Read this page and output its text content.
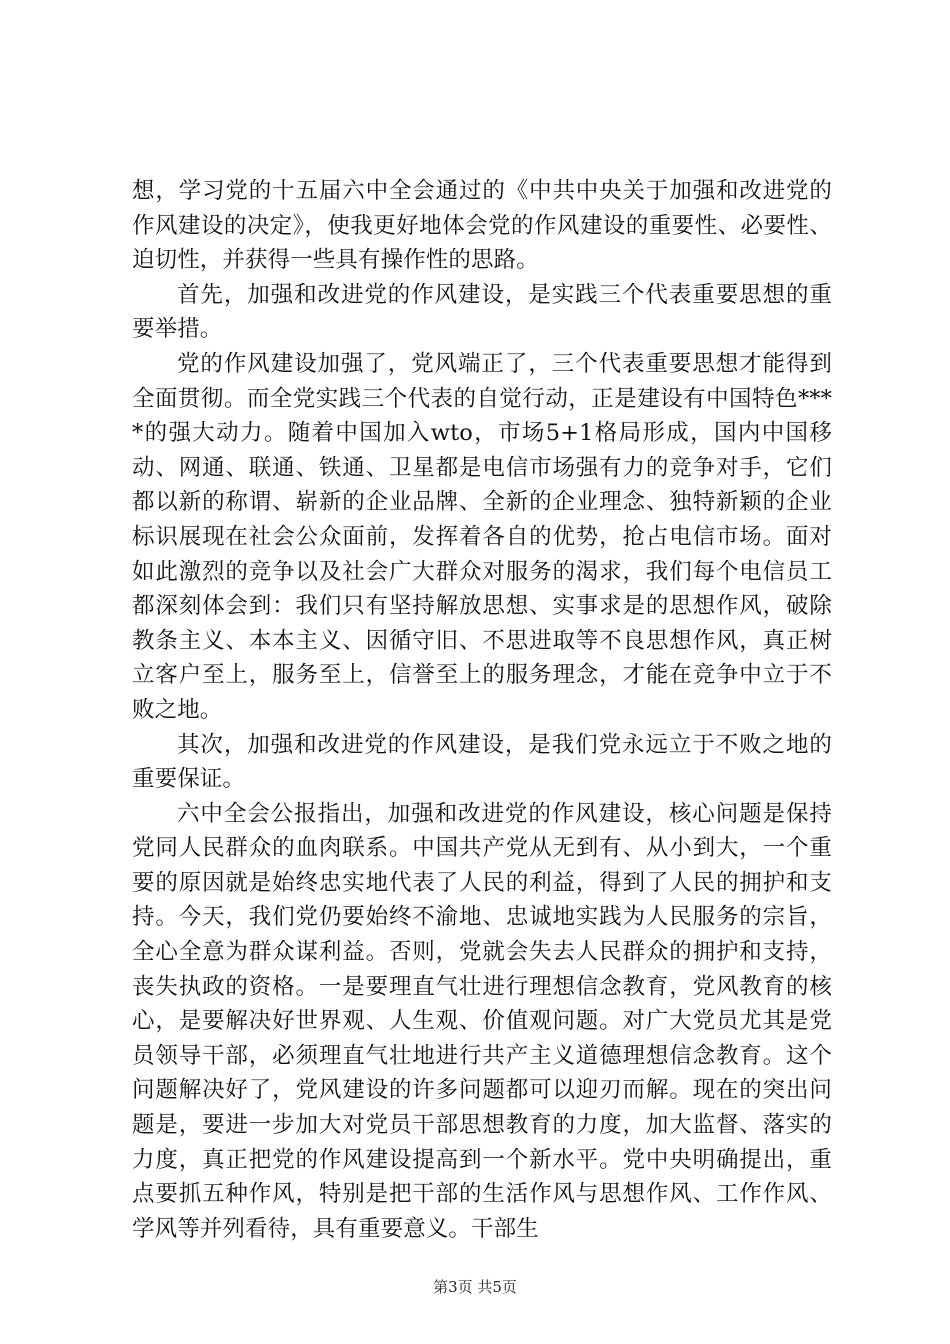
想，学习党的十五届六中全会通过的《中共中央关于加强和改进党的作风建设的决定》，使我更好地体会党的作风建设的重要性、必要性、迫切性，并获得一些具有操作性的思路。

首先，加强和改进党的作风建设，是实践三个代表重要思想的重要举措。

党的作风建设加强了，党风端正了，三个代表重要思想才能得到全面贯彻。而全党实践三个代表的自觉行动，正是建设有中国特色****的强大动力。随着中国加入wto，市场5+1格局形成，国内中国移动、网通、联通、铁通、卫星都是电信市场强有力的竞争对手，它们都以新的称谓、崭新的企业品牌、全新的企业理念、独特新颖的企业标识展现在社会公众面前，发挥着各自的优势，抢占电信市场。面对如此激烈的竞争以及社会广大群众对服务的渴求，我们每个电信员工都深刻体会到：我们只有坚持解放思想、实事求是的思想作风，破除教条主义、本本主义、因循守旧、不思进取等不良思想作风，真正树立客户至上，服务至上，信誉至上的服务理念，才能在竞争中立于不败之地。

其次，加强和改进党的作风建设，是我们党永远立于不败之地的重要保证。

六中全会公报指出，加强和改进党的作风建设，核心问题是保持党同人民群众的血肉联系。中国共产党从无到有、从小到大，一个重要的原因就是始终忠实地代表了人民的利益，得到了人民的拥护和支持。今天，我们党仍要始终不渝地、忠诚地实践为人民服务的宗旨，全心全意为群众谋利益。否则，党就会失去人民群众的拥护和支持，丧失执政的资格。一是要理直气壮进行理想信念教育，党风教育的核心，是要解决好世界观、人生观、价值观问题。对广大党员尤其是党员领导干部，必须理直气壮地进行共产主义道德理想信念教育。这个问题解决好了，党风建设的许多问题都可以迎刃而解。现在的突出问题是，要进一步加大对党员干部思想教育的力度，加大监督、落实的力度，真正把党的作风建设提高到一个新水平。党中央明确提出，重点要抓五种作风，特别是把干部的生活作风与思想作风、工作作风、学风等并列看待，具有重要意义。干部生

第3页 共5页
